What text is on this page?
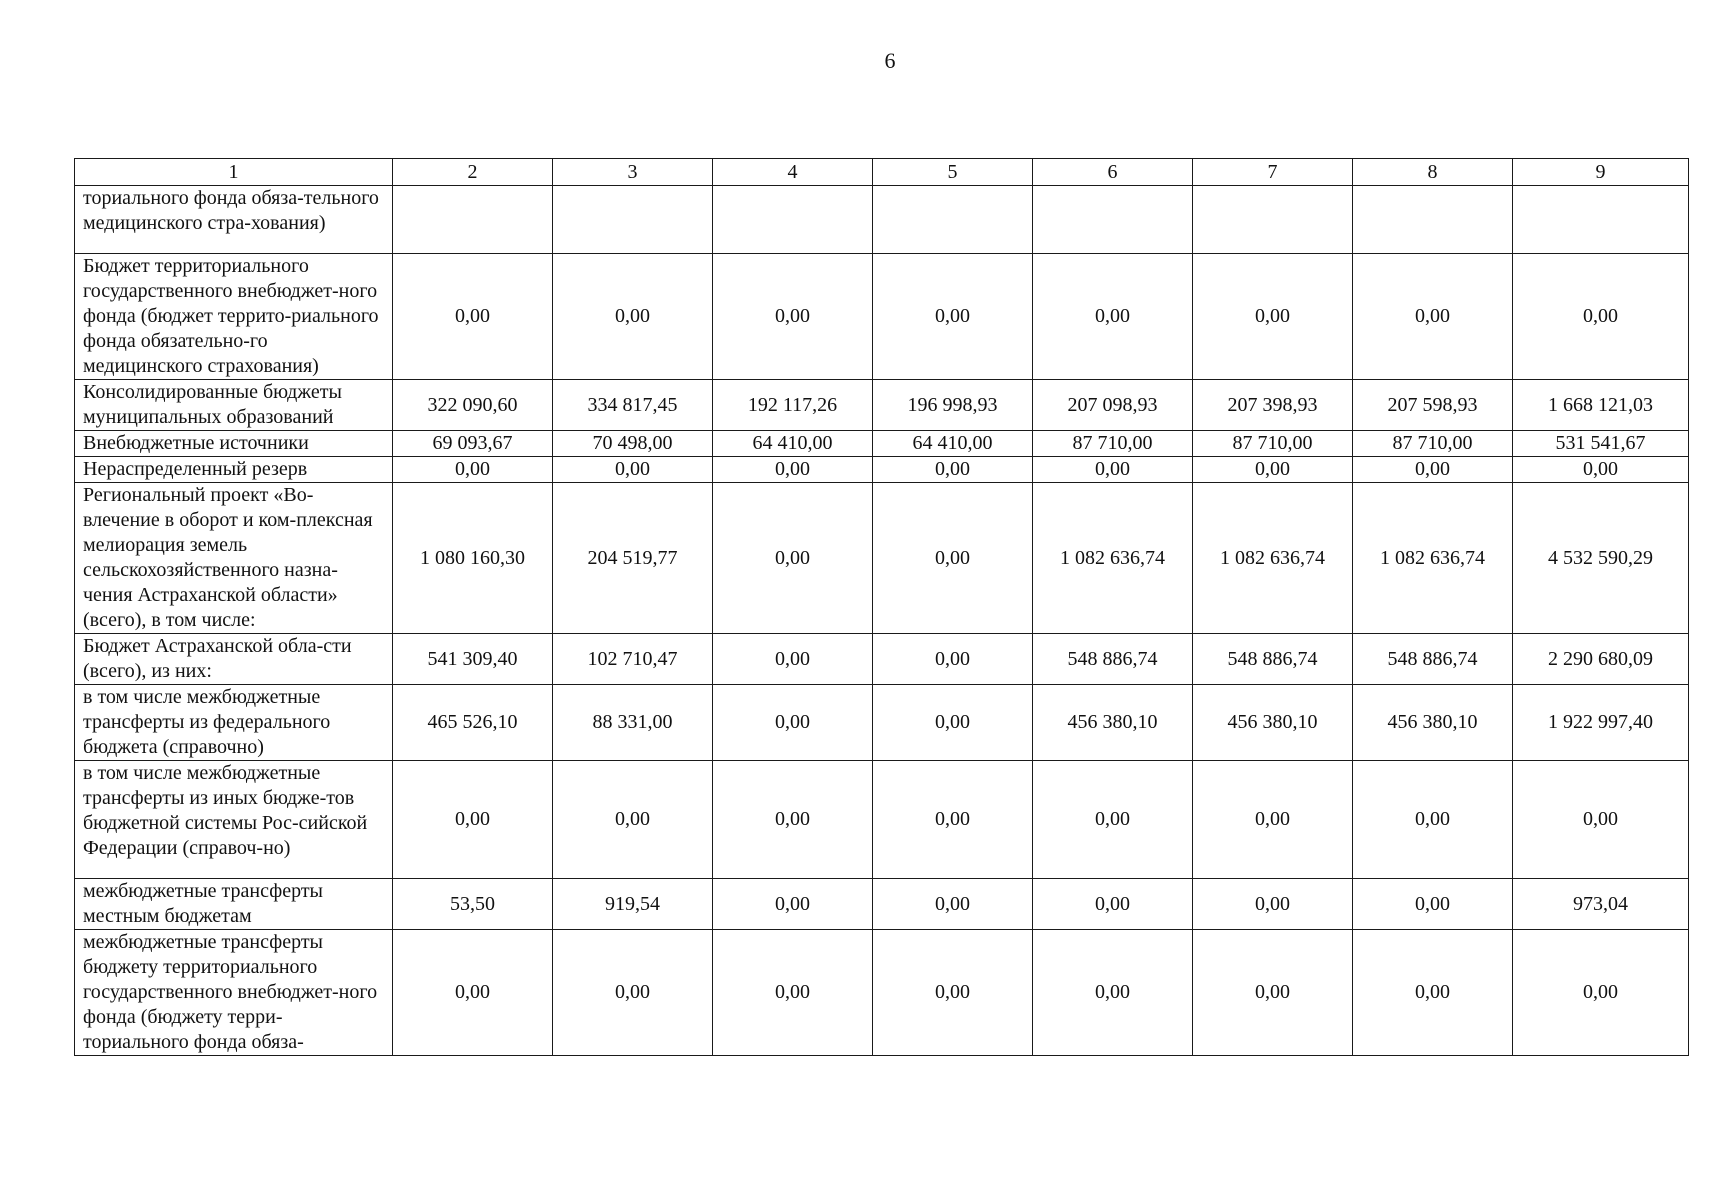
6
1	2	3	4	5	6	7	8	9
ториального фонда обяза-тельного медицинского стра-хования)								
Бюджет территориального государственного внебюджет-ного фонда (бюджет террито-риального фонда обязательно-го медицинского страхования)	0,00	0,00	0,00	0,00	0,00	0,00	0,00	0,00
Консолидированные бюджеты муниципальных образований	322 090,60	334 817,45	192 117,26	196 998,93	207 098,93	207 398,93	207 598,93	1 668 121,03
Внебюджетные источники	69 093,67	70 498,00	64 410,00	64 410,00	87 710,00	87 710,00	87 710,00	531 541,67
Нераспределенный резерв	0,00	0,00	0,00	0,00	0,00	0,00	0,00	0,00
Региональный проект «Во-влечение в оборот и ком-плексная мелиорация земель сельскохозяйственного назна-чения Астраханской области» (всего), в том числе:	1 080 160,30	204 519,77	0,00	0,00	1 082 636,74	1 082 636,74	1 082 636,74	4 532 590,29
Бюджет Астраханской обла-сти (всего), из них:	541 309,40	102 710,47	0,00	0,00	548 886,74	548 886,74	548 886,74	2 290 680,09
в том числе межбюджетные трансферты из федерального бюджета (справочно)	465 526,10	88 331,00	0,00	0,00	456 380,10	456 380,10	456 380,10	1 922 997,40
в том числе межбюджетные трансферты из иных бюдже-тов бюджетной системы Рос-сийской Федерации (справоч-но)	0,00	0,00	0,00	0,00	0,00	0,00	0,00	0,00
межбюджетные трансферты местным бюджетам	53,50	919,54	0,00	0,00	0,00	0,00	0,00	973,04
межбюджетные трансферты бюджету территориального государственного внебюджет-ного фонда (бюджету терри-ториального фонда обяза-	0,00	0,00	0,00	0,00	0,00	0,00	0,00	0,00
